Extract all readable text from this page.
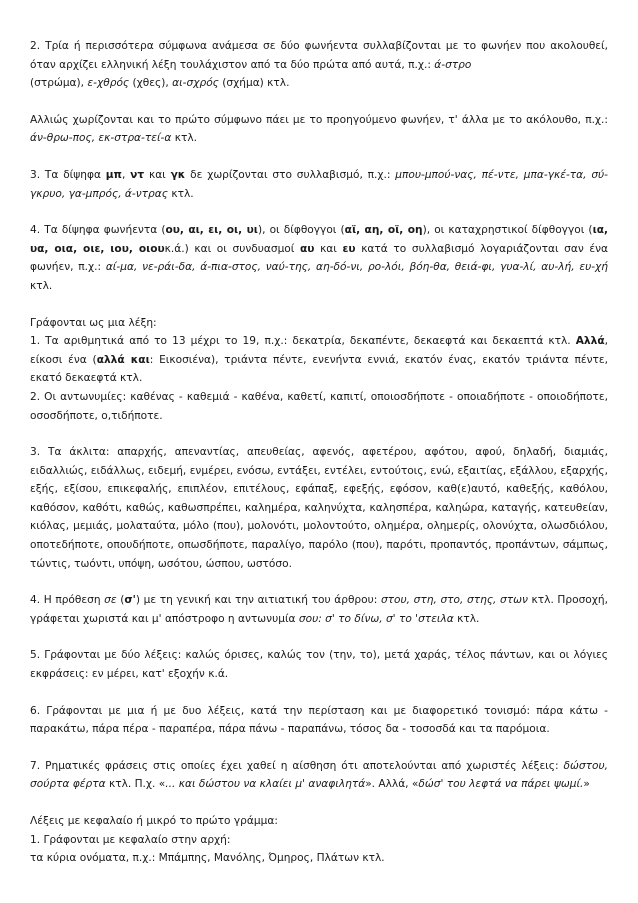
2. Τρία ή περισσότερα σύμφωνα ανάμεσα σε δύο φωνήεντα συλλαβίζονται με το φωνήεν που ακολουθεί, όταν αρχίζει ελληνική λέξη τουλάχιστον από τα δύο πρώτα από αυτά, π.χ.: ά-στρο
(στρώμα), ε-χθρός (χθες), αι-σχρός (σχήμα) κτλ.

Αλλιώς χωρίζονται και το πρώτο σύμφωνο πάει με το προηγούμενο φωνήεν, τ' άλλα με το ακόλουθο, π.χ.: άν-θρω-πος, εκ-στρα-τεί-α κτλ.

3. Τα δίψηφα μπ, ντ και γκ δε χωρίζονται στο συλλαβισμό, π.χ.: μπου-μπού-νας, πέ-ντε, μπα-γκέ-τα, σύ-γκρυο, γα-μπρός, ά-ντρας κτλ.

4. Τα δίψηφα φωνήεντα (ου, αι, ει, οι, υι), οι δίφθογγοι (αϊ, αη, οϊ, οη), οι καταχρηστικοί δίφθογγοι (ια, υα, οια, οιε, ιου, οιουκ.ά.) και οι συνδυασμοί αυ και ευ κατά το συλλαβισμό λογαριάζονται σαν ένα φωνήεν, π.χ.: αί-μα, νε-ράι-δα, ά-πια-στος, ναύ-της, αη-δό-νι, ρο-λόι, βόη-θα, θειά-φι, γυα-λί, αυ-λή, ευ-χή κτλ.

Γράφονται ως μια λέξη:

1. Τα αριθμητικά από το 13 μέχρι το 19, π.χ.: δεκατρία, δεκαπέντε, δεκαεφτά και δεκαεπτά κτλ. Αλλά, είκοσι ένα (αλλά και: Εικοσιένα), τριάντα πέντε, ενενήντα εννιά, εκατόν ένας, εκατόν τριάντα πέντε, εκατό δεκαεφτά κτλ.

2. Οι αντωνυμίες: καθένας - καθεμιά - καθένα, καθετί, καπιτί, οποιοσδήποτε - οποιαδήποτε - οποιοδήποτε, οσοσδήποτε, ο,τιδήποτε.

3. Τα άκλιτα: απαρχής, απεναντίας, απευθείας, αφενός, αφετέρου, αφότου, αφού, δηλαδή, διαμιάς, ειδαλλιώς, ειδάλλως, ειδεμή, ενμέρει, ενόσω, εντάξει, εντέλει, εντούτοις, ενώ, εξαιτίας, εξάλλου, εξαρχής, εξής, εξίσου, επικεφαλής, επιπλέον, επιτέλους, εφάπαξ, εφεξής, εφόσον, καθ(ε)αυτό, καθεξής, καθόλου, καθόσον, καθότι, καθώς, καθωσπρέπει, καλημέρα, καληνύχτα, καλησπέρα, καληώρα, καταγής, κατευθείαν, κιόλας, μεμιάς, μολαταύτα, μόλο (που), μολονότι, μολοντούτο, ολημέρα, ολημερίς, ολονύχτα, ολωσδιόλου, οποτεδήποτε, οπουδήποτε, οπωσδήποτε, παραλίγο, παρόλο (που), παρότι, προπαντός, προπάντων, σάμπως, τώντις, τωόντι, υπόψη, ωσότου, ώσπου, ωστόσο.

4. Η πρόθεση σε (σ') με τη γενική και την αιτιατική του άρθρου: στου, στη, στο, στης, στων κτλ. Προσοχή, γράφεται χωριστά και μ' απόστροφο η αντωνυμία σου: σ' το δίνω, σ' το 'στειλα κτλ.

5. Γράφονται με δύο λέξεις: καλώς όρισες, καλώς τον (την, το), μετά χαράς, τέλος πάντων, και οι λόγιες εκφράσεις: εν μέρει, κατ' εξοχήν κ.ά.

6. Γράφονται με μια ή με δυο λέξεις, κατά την περίσταση και με διαφορετικό τονισμό: πάρα κάτω - παρακάτω, πάρα πέρα - παραπέρα, πάρα πάνω - παραπάνω, τόσος δα - τοσοσδά και τα παρόμοια.

7. Ρηματικές φράσεις στις οποίες έχει χαθεί η αίσθηση ότι αποτελούνται από χωριστές λέξεις: δώστου, σούρτα φέρτα κτλ. Π.χ. «... και δώστου να κλαίει μ' αναφιλητά». Αλλά, «δώσ' του λεφτά να πάρει ψωμί.»

Λέξεις με κεφαλαίο ή μικρό το πρώτο γράμμα:

1. Γράφονται με κεφαλαίο στην αρχή:

τα κύρια ονόματα, π.χ.: Μπάμπης, Μανόλης, Όμηρος, Πλάτων κτλ.
